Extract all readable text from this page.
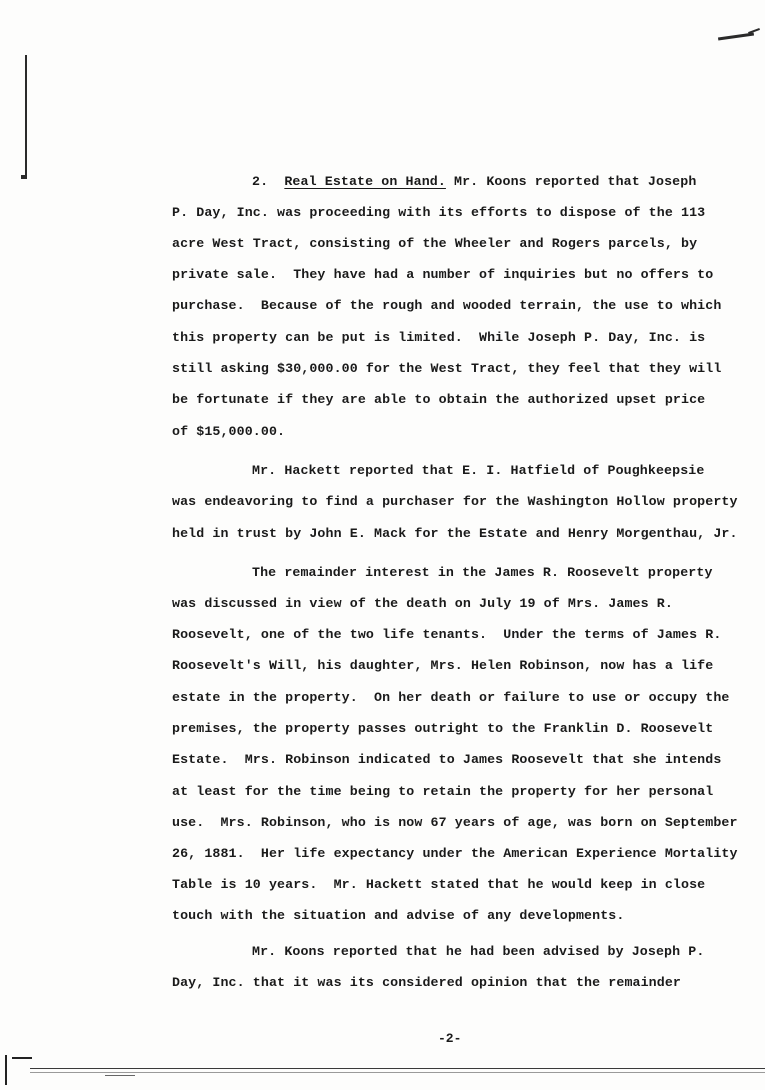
2. Real Estate on Hand. Mr. Koons reported that Joseph
P. Day, Inc. was proceeding with its efforts to dispose of the 113
acre West Tract, consisting of the Wheeler and Rogers parcels, by
private sale.  They have had a number of inquiries but no offers to
purchase.  Because of the rough and wooded terrain, the use to which
this property can be put is limited.  While Joseph P. Day, Inc. is
still asking $30,000.00 for the West Tract, they feel that they will
be fortunate if they are able to obtain the authorized upset price
of $15,000.00.
Mr. Hackett reported that E. I. Hatfield of Poughkeepsie
was endeavoring to find a purchaser for the Washington Hollow property
held in trust by John E. Mack for the Estate and Henry Morgenthau, Jr.
The remainder interest in the James R. Roosevelt property
was discussed in view of the death on July 19 of Mrs. James R.
Roosevelt, one of the two life tenants.  Under the terms of James R.
Roosevelt's Will, his daughter, Mrs. Helen Robinson, now has a life
estate in the property.  On her death or failure to use or occupy the
premises, the property passes outright to the Franklin D. Roosevelt
Estate.  Mrs. Robinson indicated to James Roosevelt that she intends
at least for the time being to retain the property for her personal
use.  Mrs. Robinson, who is now 67 years of age, was born on September
26, 1881.  Her life expectancy under the American Experience Mortality
Table is 10 years.  Mr. Hackett stated that he would keep in close
touch with the situation and advise of any developments.
Mr. Koons reported that he had been advised by Joseph P.
Day, Inc. that it was its considered opinion that the remainder
-2-
